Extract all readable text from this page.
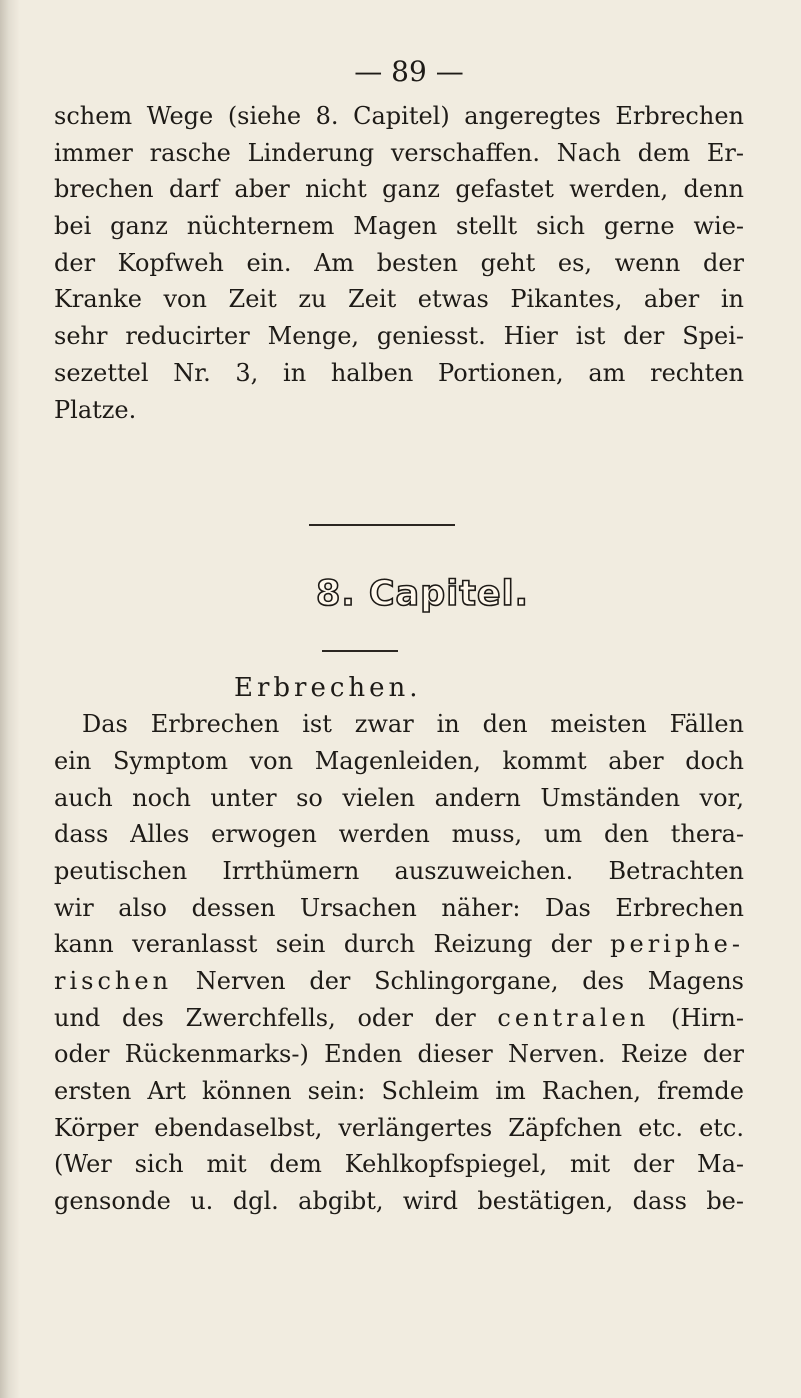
— 89 —
schem Wege (siehe 8. Capitel) angeregtes Erbrechen
immer rasche Linderung verschaffen. Nach dem Er-
brechen darf aber nicht ganz gefastet werden, denn
bei ganz nüchternem Magen stellt sich gerne wie-
der Kopfweh ein. Am besten geht es, wenn der
Kranke von Zeit zu Zeit etwas Pikantes, aber in
sehr reducirter Menge, geniesst. Hier ist der Spei-
sezettel Nr. 3, in halben Portionen, am rechten
Platze.
8. Capitel.
Erbrechen.
Das Erbrechen ist zwar in den meisten Fällen
ein Symptom von Magenleiden, kommt aber doch
auch noch unter so vielen andern Umständen vor,
dass Alles erwogen werden muss, um den thera-
peutischen Irrthümern auszuweichen. Betrachten
wir also dessen Ursachen näher: Das Erbrechen
kann veranlasst sein durch Reizung der periphe-
rischen Nerven der Schlingorgane, des Magens
und des Zwerchfells, oder der centralen (Hirn-
oder Rückenmarks-) Enden dieser Nerven. Reize der
ersten Art können sein: Schleim im Rachen, fremde
Körper ebendaselbst, verlängertes Zäpfchen etc. etc.
(Wer sich mit dem Kehlkopfspiegel, mit der Ma-
gensonde u. dgl. abgibt, wird bestätigen, dass be-
